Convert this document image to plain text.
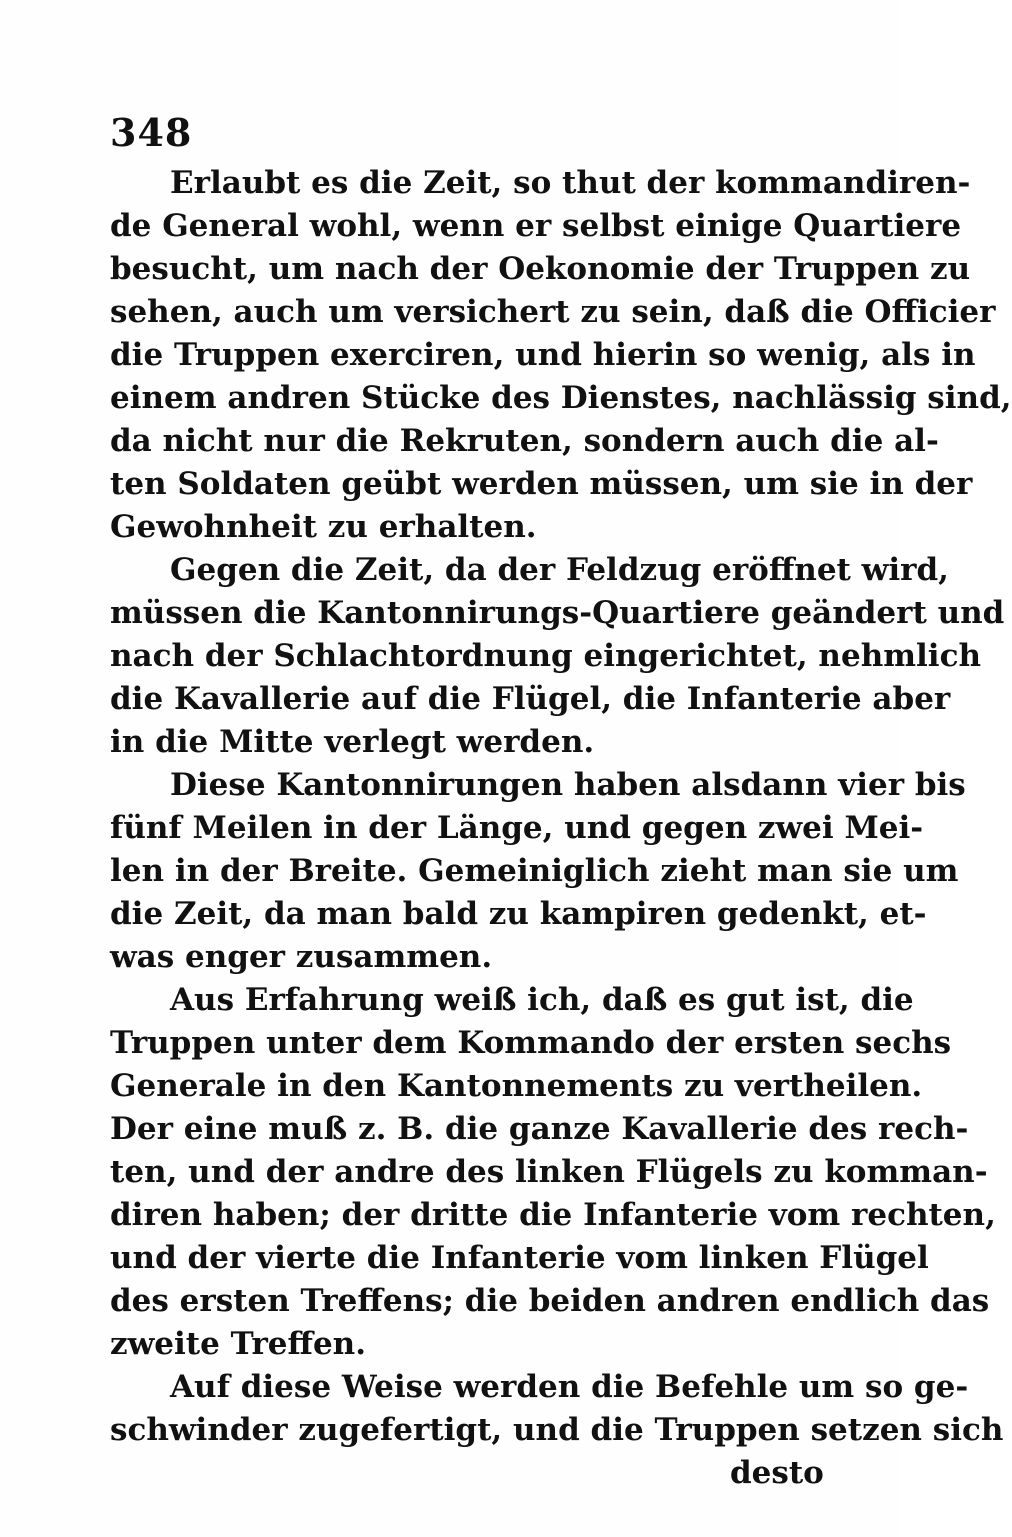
348
Erlaubt es die Zeit, so thut der kommandiren-
de General wohl, wenn er selbst einige Quartiere
besucht, um nach der Oekonomie der Truppen zu
sehen, auch um versichert zu sein, daß die Officier
die Truppen exerciren, und hierin so wenig, als in
einem andren Stücke des Dienstes, nachlässig sind,
da nicht nur die Rekruten, sondern auch die al-
ten Soldaten geübt werden müssen, um sie in der
Gewohnheit zu erhalten.
Gegen die Zeit, da der Feldzug eröffnet wird,
müssen die Kantonnirungs-Quartiere geändert und
nach der Schlachtordnung eingerichtet, nehmlich
die Kavallerie auf die Flügel, die Infanterie aber
in die Mitte verlegt werden.
Diese Kantonnirungen haben alsdann vier bis
fünf Meilen in der Länge, und gegen zwei Mei-
len in der Breite. Gemeiniglich zieht man sie um
die Zeit, da man bald zu kampiren gedenkt, et-
was enger zusammen.
Aus Erfahrung weiß ich, daß es gut ist, die
Truppen unter dem Kommando der ersten sechs
Generale in den Kantonnements zu vertheilen.
Der eine muß z. B. die ganze Kavallerie des rech-
ten, und der andre des linken Flügels zu komman-
diren haben; der dritte die Infanterie vom rechten,
und der vierte die Infanterie vom linken Flügel
des ersten Treffens; die beiden andren endlich das
zweite Treffen.
Auf diese Weise werden die Befehle um so ge-
schwinder zugefertigt, und die Truppen setzen sich
desto
